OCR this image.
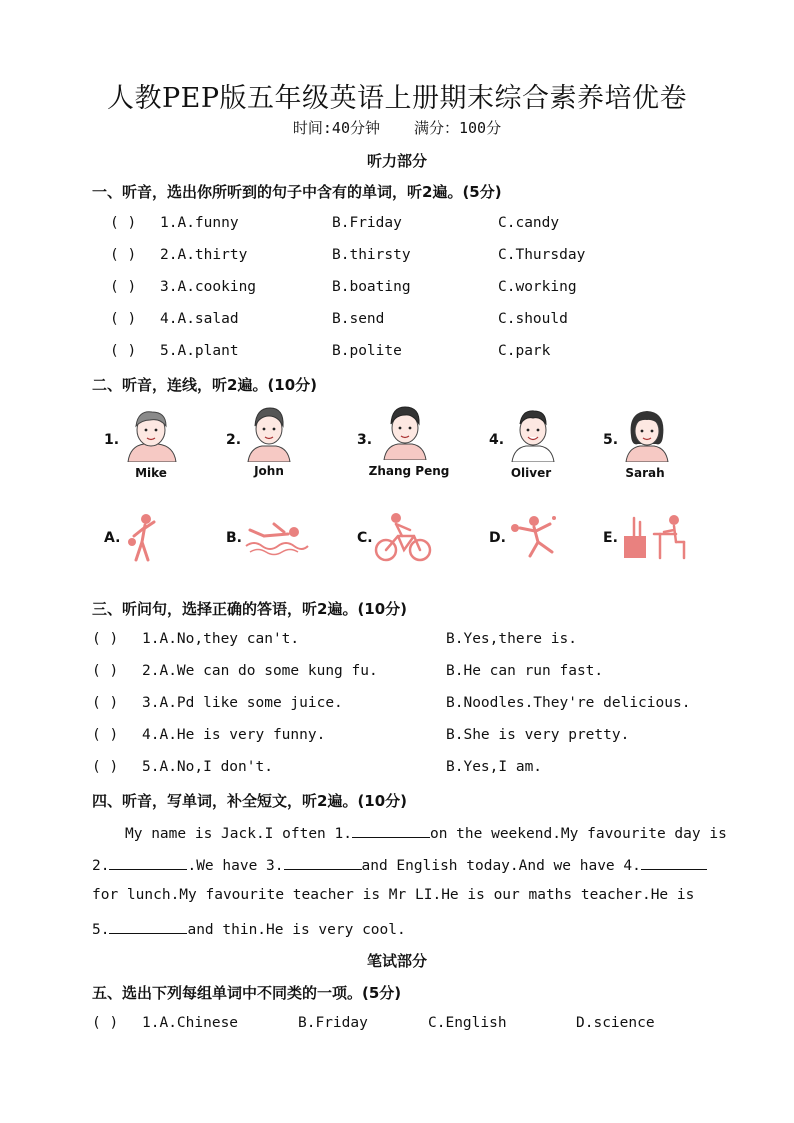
人教PEP版五年级英语上册期末综合素养培优卷
时间:40分钟 满分：100分
听力部分
一、听音，选出你所听到的句子中含有的单词，听2遍。(5分)
( ) 1.A.funny	B.Friday	C.candy
( ) 2.A.thirty	B.thirsty	C.Thursday
( ) 3.A.cooking	B.boating	C.working
( ) 4.A.salad	B.send	C.should
( ) 5.A.plant	B.polite	C.park
二、听音，连线，听2遍。(10分)
1.
Mike
2.
John
3.
Zhang Peng
4.
Oliver
5.
Sarah
A.	B.	C.	D.	E.
三、听问句，选择正确的答语，听2遍。(10分)
( ) 1.A.No,they can't.	B.Yes,there is.
( ) 2.A.We can do some kung fu.	B.He can run fast.
( ) 3.A.Pd like some juice.	B.Noodles.They're delicious.
( ) 4.A.He is very funny.	B.She is very pretty.
( ) 5.A.No,I don't.	B.Yes,I am.
四、听音，写单词，补全短文，听2遍。(10分)
My name is Jack.I often 1.	on the weekend.My favourite day is
2.	.We have 3.	and English today.And we have 4.
for lunch.My favourite teacher is Mr LI.He is our maths teacher.He is
5.	and thin.He is very cool.
笔试部分
五、选出下列每组单词中不同类的一项。(5分)
( ) 1.A.Chinese	B.Friday	C.English	D.science
